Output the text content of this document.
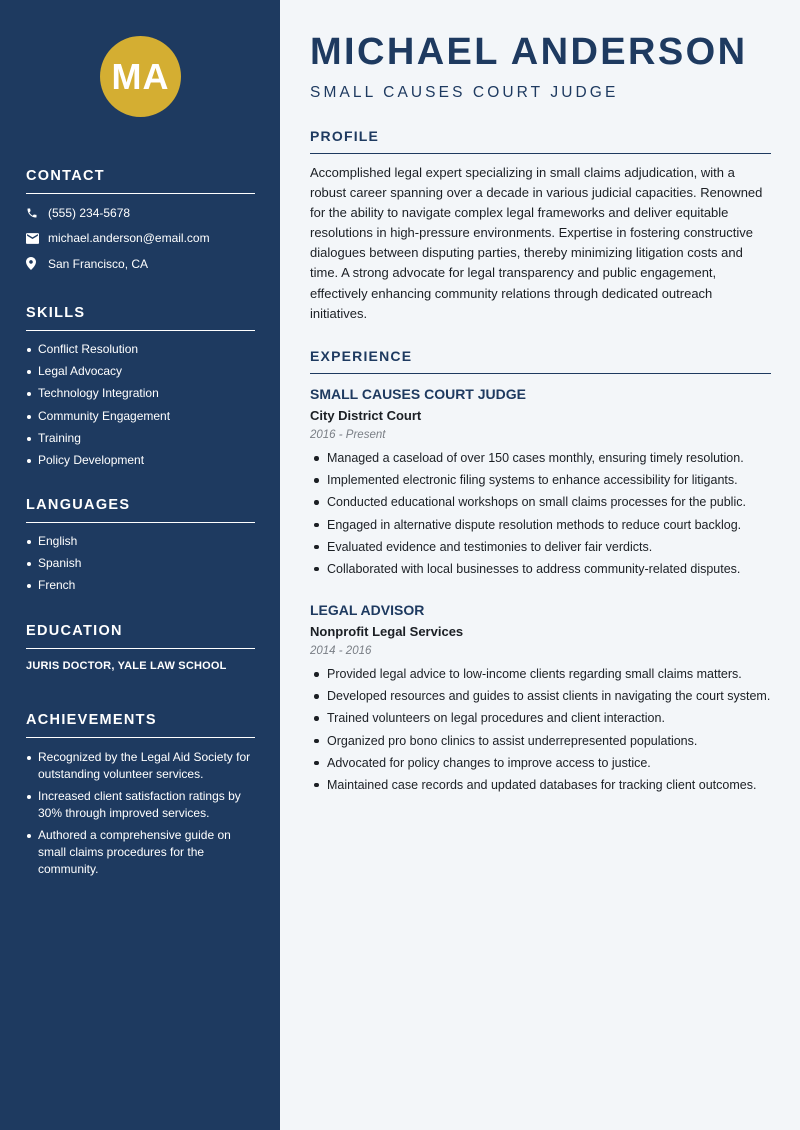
MA
CONTACT
(555) 234-5678
michael.anderson@email.com
San Francisco, CA
SKILLS
Conflict Resolution
Legal Advocacy
Technology Integration
Community Engagement
Training
Policy Development
LANGUAGES
English
Spanish
French
EDUCATION
JURIS DOCTOR, YALE LAW SCHOOL
ACHIEVEMENTS
Recognized by the Legal Aid Society for outstanding volunteer services.
Increased client satisfaction ratings by 30% through improved services.
Authored a comprehensive guide on small claims procedures for the community.
MICHAEL ANDERSON
SMALL CAUSES COURT JUDGE
PROFILE
Accomplished legal expert specializing in small claims adjudication, with a robust career spanning over a decade in various judicial capacities. Renowned for the ability to navigate complex legal frameworks and deliver equitable resolutions in high-pressure environments. Expertise in fostering constructive dialogues between disputing parties, thereby minimizing litigation costs and time. A strong advocate for legal transparency and public engagement, effectively enhancing community relations through dedicated outreach initiatives.
EXPERIENCE
SMALL CAUSES COURT JUDGE
City District Court
2016 - Present
Managed a caseload of over 150 cases monthly, ensuring timely resolution.
Implemented electronic filing systems to enhance accessibility for litigants.
Conducted educational workshops on small claims processes for the public.
Engaged in alternative dispute resolution methods to reduce court backlog.
Evaluated evidence and testimonies to deliver fair verdicts.
Collaborated with local businesses to address community-related disputes.
LEGAL ADVISOR
Nonprofit Legal Services
2014 - 2016
Provided legal advice to low-income clients regarding small claims matters.
Developed resources and guides to assist clients in navigating the court system.
Trained volunteers on legal procedures and client interaction.
Organized pro bono clinics to assist underrepresented populations.
Advocated for policy changes to improve access to justice.
Maintained case records and updated databases for tracking client outcomes.
